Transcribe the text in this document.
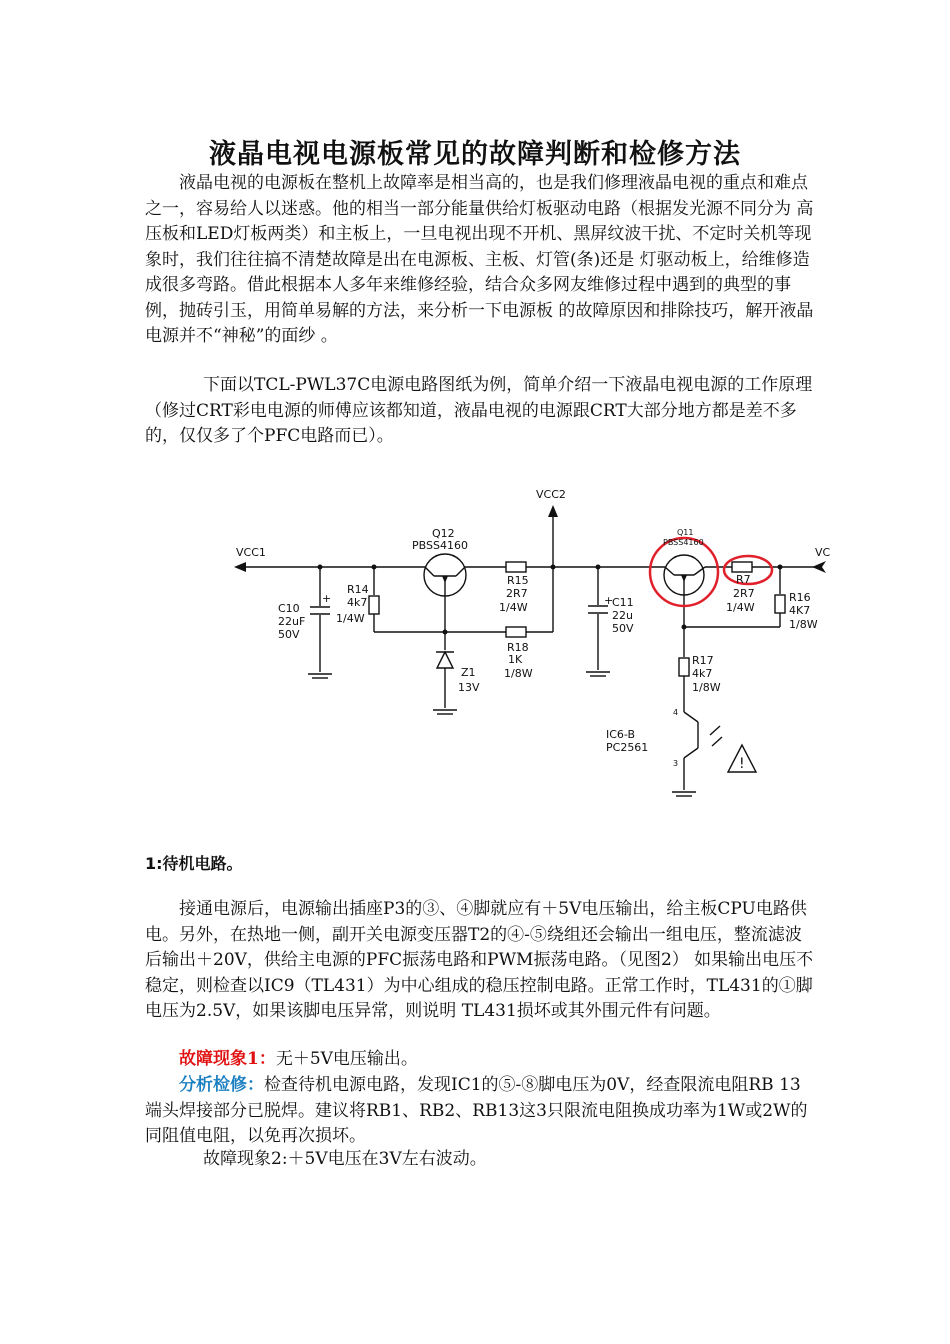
液晶电视电源板常见的故障判断和检修方法

液晶电视的电源板在整机上故障率是相当高的，也是我们修理液晶电视的重点和难点之一，容易给人以迷惑。他的相当一部分能量供给灯板驱动电路（根据发光源不同分为 高压板和LED灯板两类）和主板上，一旦电视出现不开机、黑屏纹波干扰、不定时关机等现象时，我们往往搞不清楚故障是出在电源板、主板、灯管(条)还是 灯驱动板上，给维修造成很多弯路。借此根据本人多年来维修经验，结合众多网友维修过程中遇到的典型的事例，抛砖引玉，用简单易解的方法，来分析一下电源板 的故障原因和排除技巧，解开液晶电源并不“神秘”的面纱 。

下面以TCL-PWL37C电源电路图纸为例，简单介绍一下液晶电视电源的工作原理（修过CRT彩电电源的师傅应该都知道，液晶电视的电源跟CRT大部分地方都是差不多的，仅仅多了个PFC电路而已）。

VCC1
VCC2
VC
Q12
PBSS4160
Q11
PBSS4160
+
C10
22uF
50V
R14
4k7
1/4W
R15
2R7
1/4W
R18
1K
1/8W
Z1
13V
+
C11
22u
50V
R7
2R7
1/4W
R16
4K7
1/8W
R17
4k7
1/8W
IC6-B
PC2561
4
3	!
1:待机电路。

接通电源后，电源输出插座P3的③、④脚就应有＋5V电压输出，给主板CPU电路供电。另外，在热地一侧，副开关电源变压器T2的④-⑤绕组还会输出一组电压，整流滤波后输出＋20V，供给主电源的PFC振荡电路和PWM振荡电路。（见图2） 如果输出电压不稳定，则检查以IC9（TL431）为中心组成的稳压控制电路。正常工作时，TL431的①脚电压为2.5V，如果该脚电压异常，则说明 TL431损坏或其外围元件有问题。

故障现象1：无＋5V电压输出。

分析检修：检查待机电源电路，发现IC1的⑤-⑧脚电压为0V，经查限流电阻RB 13端头焊接部分已脱焊。建议将RB1、RB2、RB13这3只限流电阻换成功率为1W或2W的同阻值电阻，以免再次损坏。

故障现象2:＋5V电压在3V左右波动。
